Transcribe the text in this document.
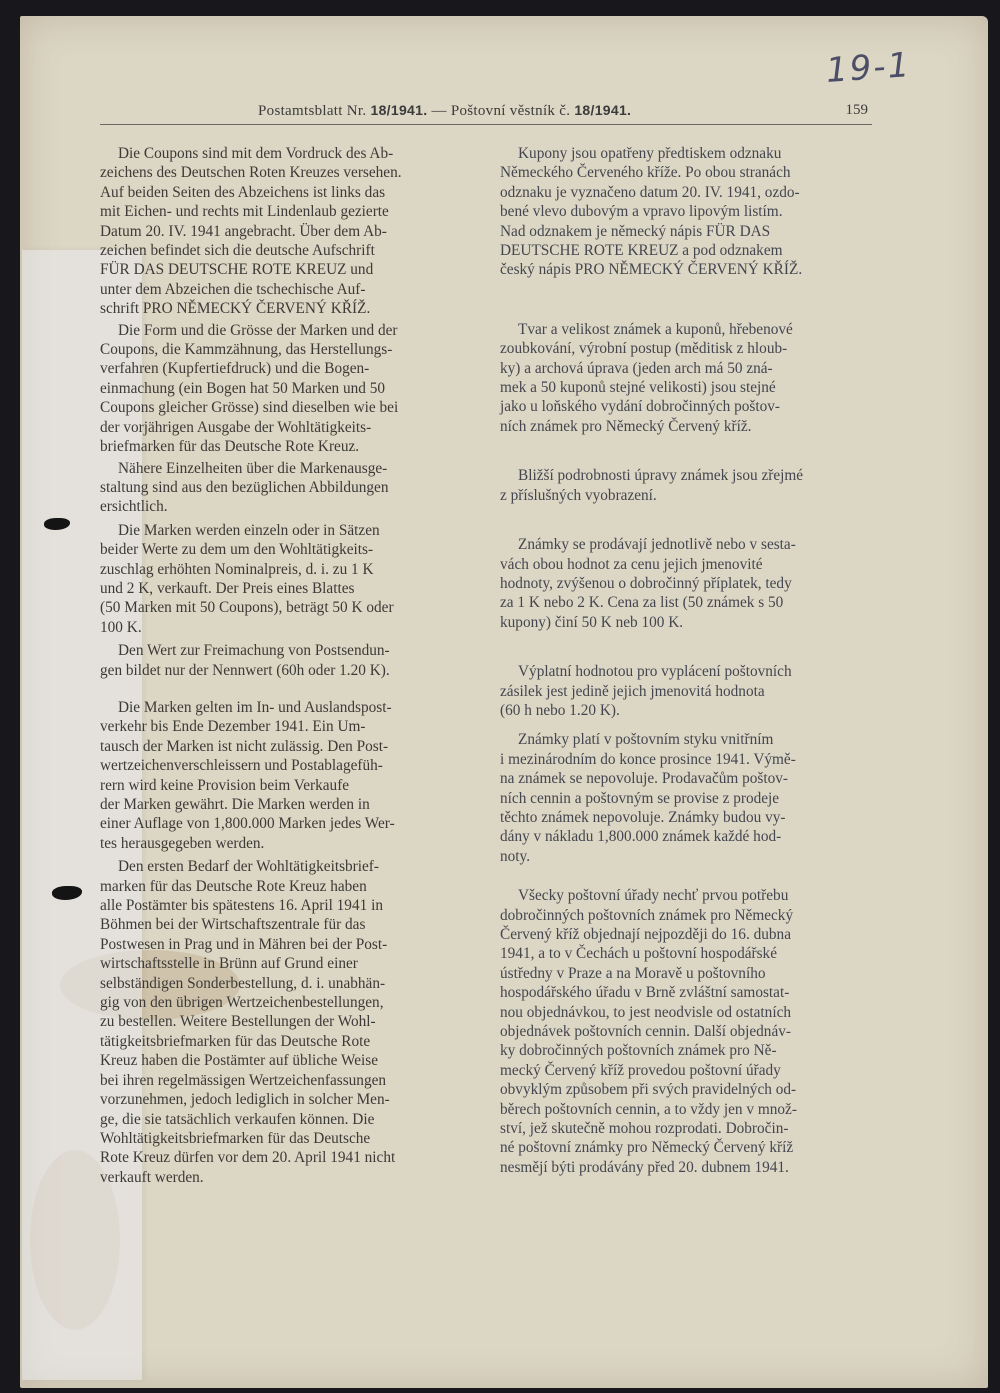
19-1
Postamtsblatt Nr. 18/1941. — Poštovní věstník č. 18/1941.	159

Die Coupons sind mit dem Vordruck des Ab-
zeichens des Deutschen Roten Kreuzes versehen.
Auf beiden Seiten des Abzeichens ist links das
mit Eichen- und rechts mit Lindenlaub gezierte
Datum 20. IV. 1941 angebracht. Über dem Ab-
zeichen befindet sich die deutsche Aufschrift
FÜR DAS DEUTSCHE ROTE KREUZ und
unter dem Abzeichen die tschechische Auf-
schrift PRO NĚMECKÝ ČERVENÝ KŘÍŽ.

Die Form und die Grösse der Marken und der
Coupons, die Kammzähnung, das Herstellungs-
verfahren (Kupfertiefdruck) und die Bogen-
einmachung (ein Bogen hat 50 Marken und 50
Coupons gleicher Grösse) sind dieselben wie bei
der vorjährigen Ausgabe der Wohltätigkeits-
briefmarken für das Deutsche Rote Kreuz.

Nähere Einzelheiten über die Markenausge-
staltung sind aus den bezüglichen Abbildungen
ersichtlich.

Die Marken werden einzeln oder in Sätzen
beider Werte zu dem um den Wohltätigkeits-
zuschlag erhöhten Nominalpreis, d. i. zu 1 K
und 2 K, verkauft. Der Preis eines Blattes
(50 Marken mit 50 Coupons), beträgt 50 K oder
100 K.

Den Wert zur Freimachung von Postsendun-
gen bildet nur der Nennwert (60h oder 1.20 K).

Die Marken gelten im In- und Auslandspost-
verkehr bis Ende Dezember 1941. Ein Um-
tausch der Marken ist nicht zulässig. Den Post-
wertzeichenverschleissern und Postablagefüh-
rern wird keine Provision beim Verkaufe
der Marken gewährt. Die Marken werden in
einer Auflage von 1,800.000 Marken jedes Wer-
tes herausgegeben werden.

Den ersten Bedarf der Wohltätigkeitsbrief-
marken für das Deutsche Rote Kreuz haben
alle Postämter bis spätestens 16. April 1941 in
Böhmen bei der Wirtschaftszentrale für das
Postwesen in Prag und in Mähren bei der Post-
wirtschaftsstelle in Brünn auf Grund einer
selbständigen Sonderbestellung, d. i. unabhän-
gig von den übrigen Wertzeichenbestellungen,
zu bestellen. Weitere Bestellungen der Wohl-
tätigkeitsbriefmarken für das Deutsche Rote
Kreuz haben die Postämter auf übliche Weise
bei ihren regelmässigen Wertzeichenfassungen
vorzunehmen, jedoch lediglich in solcher Men-
ge, die sie tatsächlich verkaufen können. Die
Wohltätigkeitsbriefmarken für das Deutsche
Rote Kreuz dürfen vor dem 20. April 1941 nicht
verkauft werden.

Kupony jsou opatřeny předtiskem odznaku
Německého Červeného kříže. Po obou stranách
odznaku je vyznačeno datum 20. IV. 1941, ozdo-
bené vlevo dubovým a vpravo lipovým listím.
Nad odznakem je německý nápis FÜR DAS
DEUTSCHE ROTE KREUZ a pod odznakem
český nápis PRO NĚMECKÝ ČERVENÝ KŘÍŽ.

Tvar a velikost známek a kuponů, hřebenové
zoubkování, výrobní postup (měditisk z hloub-
ky) a archová úprava (jeden arch má 50 zná-
mek a 50 kuponů stejné velikosti) jsou stejné
jako u loňského vydání dobročinných poštov-
ních známek pro Německý Červený kříž.

Bližší podrobnosti úpravy známek jsou zřejmé
z příslušných vyobrazení.

Známky se prodávají jednotlivě nebo v sesta-
vách obou hodnot za cenu jejich jmenovité
hodnoty, zvýšenou o dobročinný příplatek, tedy
za 1 K nebo 2 K. Cena za list (50 známek s 50
kupony) činí 50 K neb 100 K.

Výplatní hodnotou pro vyplácení poštovních
zásilek jest jedině jejich jmenovitá hodnota
(60 h nebo 1.20 K).

Známky platí v poštovním styku vnitřním
i mezinárodním do konce prosince 1941. Výmě-
na známek se nepovoluje. Prodavačům poštov-
ních cennin a poštovným se provise z prodeje
těchto známek nepovoluje. Známky budou vy-
dány v nákladu 1,800.000 známek každé hod-
noty.

Všecky poštovní úřady nechť prvou potřebu
dobročinných poštovních známek pro Německý
Červený kříž objednají nejpozději do 16. dubna
1941, a to v Čechách u poštovní hospodářské
ústředny v Praze a na Moravě u poštovního
hospodářského úřadu v Brně zvláštní samostat-
nou objednávkou, to jest neodvisle od ostatních
objednávek poštovních cennin. Další objednáv-
ky dobročinných poštovních známek pro Ně-
mecký Červený kříž provedou poštovní úřady
obvyklým způsobem při svých pravidelných od-
běrech poštovních cennin, a to vždy jen v množ-
ství, jež skutečně mohou rozprodati. Dobročin-
né poštovní známky pro Německý Červený kříž
nesmějí býti prodávány před 20. dubnem 1941.
